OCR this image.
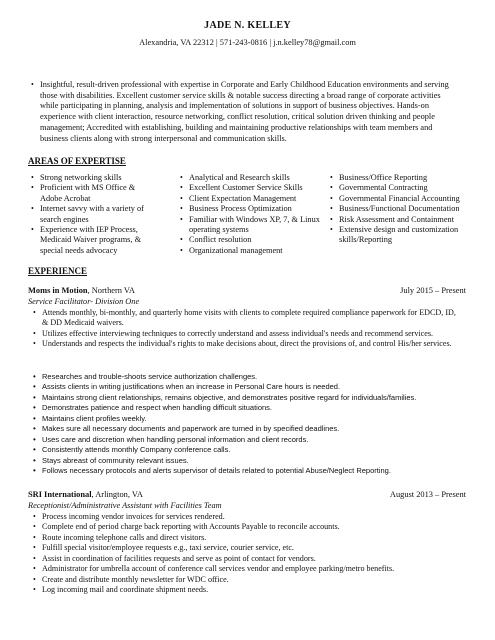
JADE N. KELLEY
Alexandria, VA 22312 | 571-243-0816 | j.n.kelley78@gmail.com
• Insightful, result-driven professional with expertise in Corporate and Early Childhood Education environments and serving those with disabilities. Excellent customer service skills & notable success directing a broad range of corporate activities while participating in planning, analysis and implementation of solutions in support of business objectives. Hands-on experience with client interaction, resource networking, conflict resolution, critical solution driven thinking and people management; Accredited with establishing, building and maintaining productive relationships with team members and business clients along with strong interpersonal and communication skills.
AREAS OF EXPERTISE
• Strong networking skills
• Proficient with MS Office & Adobe Acrobat
• Internet savvy with a variety of search engines
• Experience with IEP Process, Medicaid Waiver programs, & special needs advocacy
• Analytical and Research skills
• Excellent Customer Service Skills
• Client Expectation Management
• Business Process Optimization
• Familiar with Windows XP, 7, & Linux operating systems
• Conflict resolution
• Organizational management
• Business/Office Reporting
• Governmental Contracting
• Governmental Financial Accounting
• Business/Functional Documentation
• Risk Assessment and Containment
• Extensive design and customization skills/Reporting
EXPERIENCE
Moms in Motion, Northern VA	July 2015 – Present
Service Facilitator- Division One
• Attends monthly, bi-monthly, and quarterly home visits with clients to complete required compliance paperwork for EDCD, ID, & DD Medicaid waivers.
• Utilizes effective interviewing techniques to correctly understand and assess individual's needs and recommend services.
• Understands and respects the individual's rights to make decisions about, direct the provisions of, and control His/her services.
• Researches and trouble-shoots service authorization challenges.
• Assists clients in writing justifications when an increase in Personal Care hours is needed.
• Maintains strong client relationships, remains objective, and demonstrates positive regard for individuals/families.
• Demonstrates patience and respect when handling difficult situations.
• Maintains client profiles weekly.
• Makes sure all necessary documents and paperwork are turned in by specified deadlines.
• Uses care and discretion when handling personal information and client records.
• Consistently attends monthly Company conference calls.
• Stays abreast of community relevant issues.
• Follows necessary protocols and alerts supervisor of details related to potential Abuse/Neglect Reporting.
SRI International, Arlington, VA	August 2013 – Present
Receptionist/Administrative Assistant with Facilities Team
• Process incoming vendor invoices for services rendered.
• Complete end of period charge back reporting with Accounts Payable to reconcile accounts.
• Route incoming telephone calls and direct visitors.
• Fulfill special visitor/employee requests e.g., taxi service, courier service, etc.
• Assist in coordination of facilities requests and serve as point of contact for vendors.
• Administrator for umbrella account of conference call services vendor and employee parking/metro benefits.
• Create and distribute monthly newsletter for WDC office.
• Log incoming mail and coordinate shipment needs.
